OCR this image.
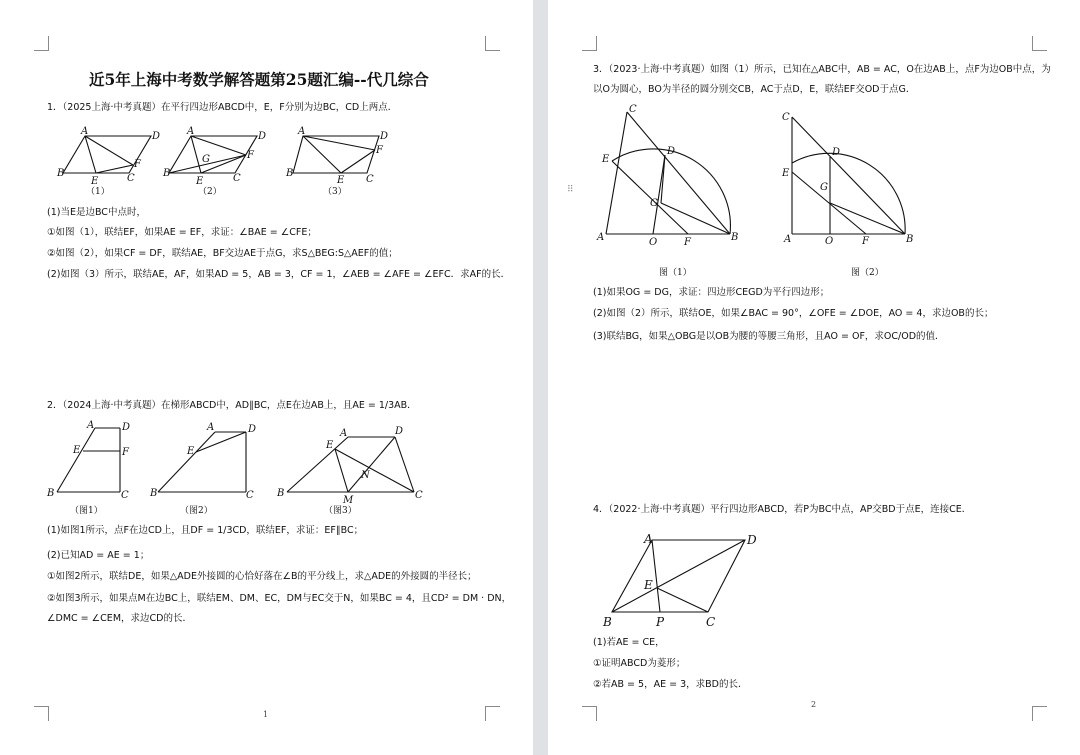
近5年上海中考数学解答题第25题汇编--代几综合
1．（2025上海·中考真题）在平行四边形ABCD中，E，F分别为边BC，CD上两点．
A	D
B	C
E
F
（1）
A	D
B	C
E
F
G
（2）
A	D
B
C
E
F
（3）
(1)当E是边BC中点时，
①如图（1），联结EF，如果AE = EF，求证：∠BAE = ∠CFE；
②如图（2），如果CF = DF，联结AE，BF交边AE于点G，求S△BEG:S△AEF的值；
(2)如图（3）所示，联结AE，AF，如果AD = 5，AB = 3，CF = 1，∠AEB = ∠AFE = ∠EFC．求AF的长．
2．（2024上海·中考真题）在梯形ABCD中，AD∥BC，点E在边AB上，且AE = 1/3AB．
A	D
E	F
B	C
（图1）
A	D
E
B	C
（图2）
A	D
E
N
B
M	C
（图3）
(1)如图1所示，点F在边CD上，且DF = 1/3CD，联结EF，求证：EF∥BC；
(2)已知AD = AE = 1；
①如图2所示，联结DE，如果△ADE外接圆的心恰好落在∠B的平分线上，求△ADE的外接圆的半径长；
②如图3所示，如果点M在边BC上，联结EM、DM、EC，DM与EC交于N，如果BC = 4，且CD² = DM · DN，
∠DMC = ∠CEM，求边CD的长．
1
3．（2023·上海·中考真题）如图（1）所示，已知在△ABC中，AB = AC，O在边AB上，点F为边OB中点，为
以O为圆心，BO为半径的圆分别交CB，AC于点D，E，联结EF交OD于点G．
C
E
D
G
A	O	F	B
图（1）
C
E
D
G
A	O	F	B
图（2）
(1)如果OG = DG，求证：四边形CEGD为平行四边形；
(2)如图（2）所示，联结OE，如果∠BAC = 90°，∠OFE = ∠DOE，AO = 4，求边OB的长；
(3)联结BG，如果△OBG是以OB为腰的等腰三角形，且AO = OF，求OC/OD的值．
4．（2022·上海·中考真题）平行四边形ABCD，若P为BC中点，AP交BD于点E，连接CE．
A	D
E
B	P	C
(1)若AE = CE，
①证明ABCD为菱形；
②若AB = 5，AE = 3，求BD的长．
2
⠿
